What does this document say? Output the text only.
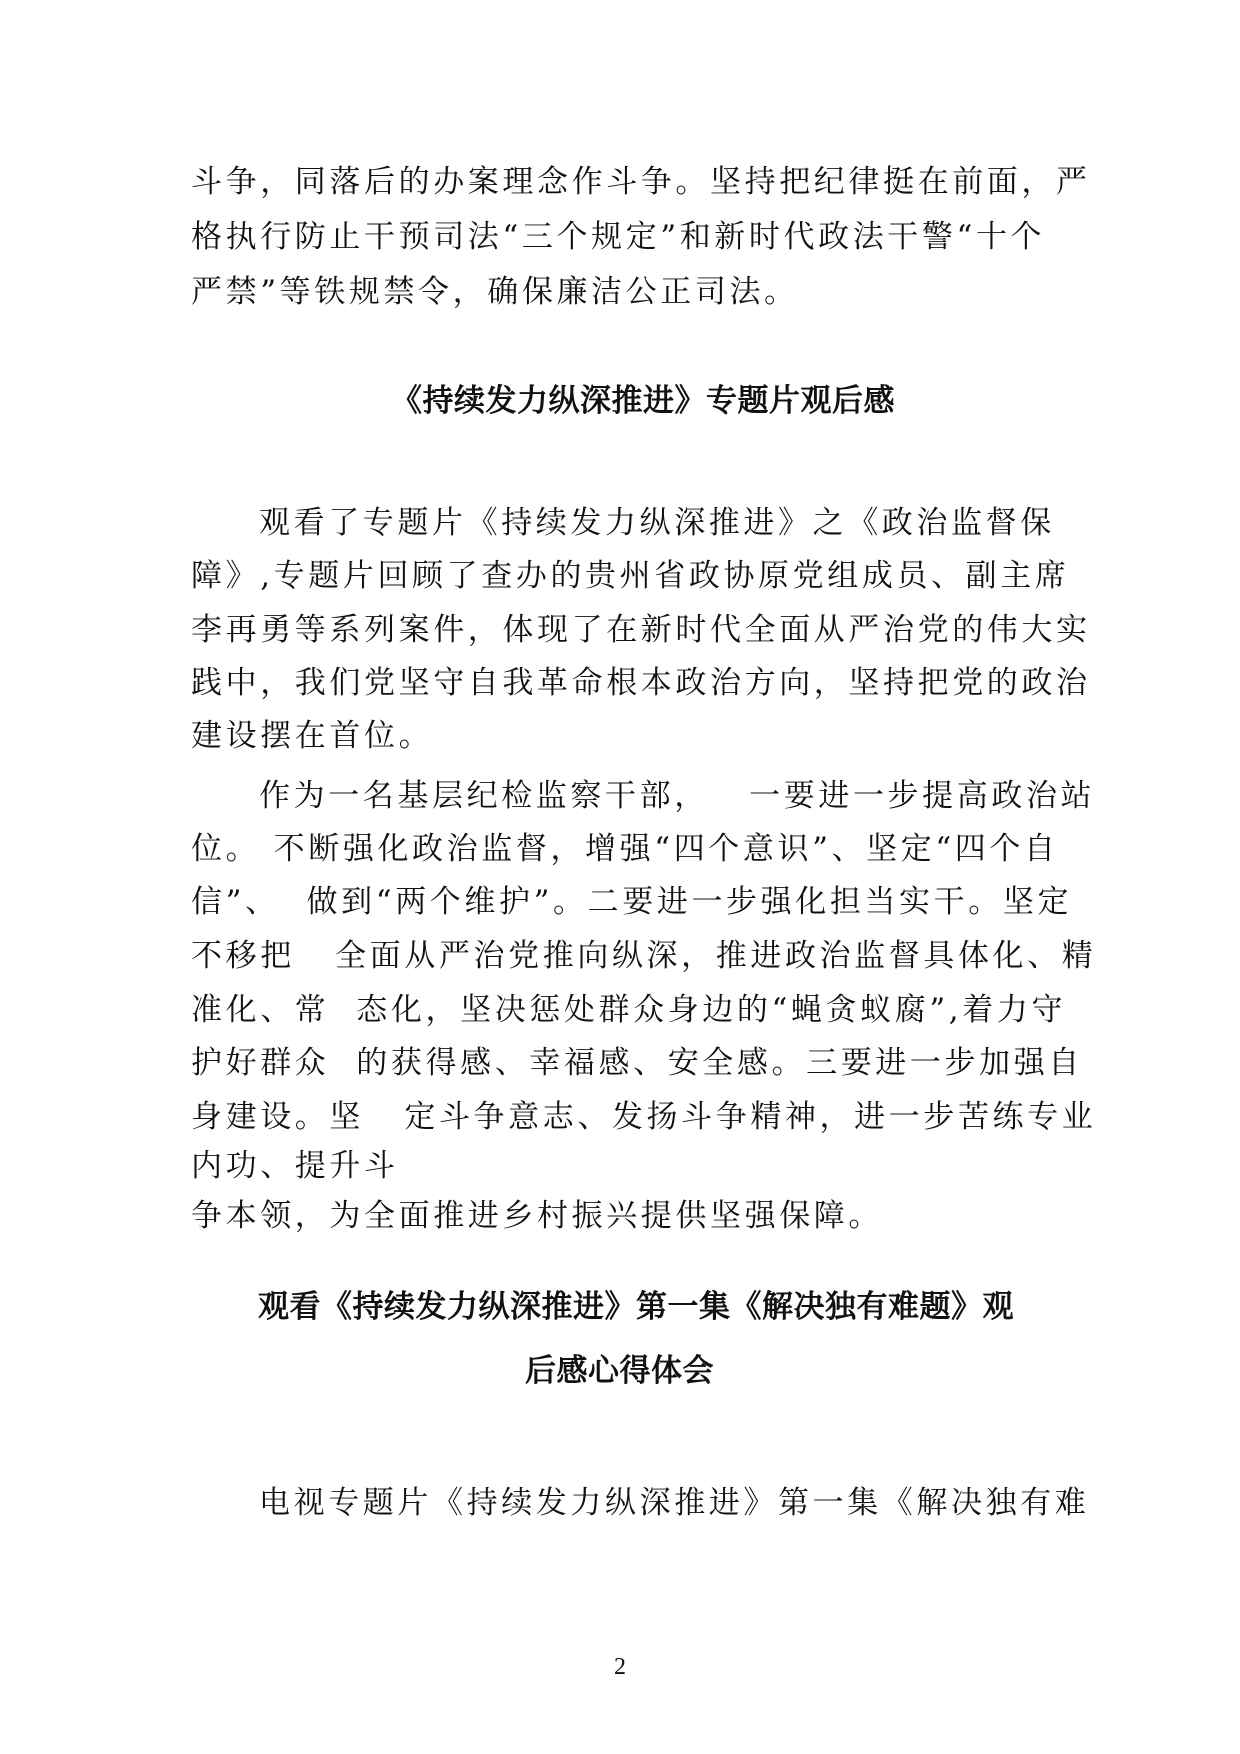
斗争，同落后的办案理念作斗争。坚持把纪律挺在前面，严

格执行防止干预司法“三个规定”和新时代政法干警“十个

严禁”等铁规禁令，确保廉洁公正司法。

《持续发力纵深推进》专题片观后感

观看了专题片《持续发力纵深推进》之《政治监督保

障》,专题片回顾了查办的贵州省政协原党组成员、副主席

李再勇等系列案件，体现了在新时代全面从严治党的伟大实

践中，我们党坚守自我革命根本政治方向，坚持把党的政治

建设摆在首位。

作为一名基层纪检监察干部，   一要进一步提高政治站

位。 不断强化政治监督，增强“四个意识”、坚定“四个自

信”、  做到“两个维护”。二要进一步强化担当实干。坚定

不移把   全面从严治党推向纵深，推进政治监督具体化、精

准化、常  态化，坚决惩处群众身边的“蝇贪蚁腐”,着力守

护好群众  的获得感、幸福感、安全感。三要进一步加强自

身建设。坚   定斗争意志、发扬斗争精神，进一步苦练专业

内功、提升斗

争本领，为全面推进乡村振兴提供坚强保障。

观看《持续发力纵深推进》第一集《解决独有难题》观
后感心得体会

电视专题片《持续发力纵深推进》第一集《解决独有难

2
